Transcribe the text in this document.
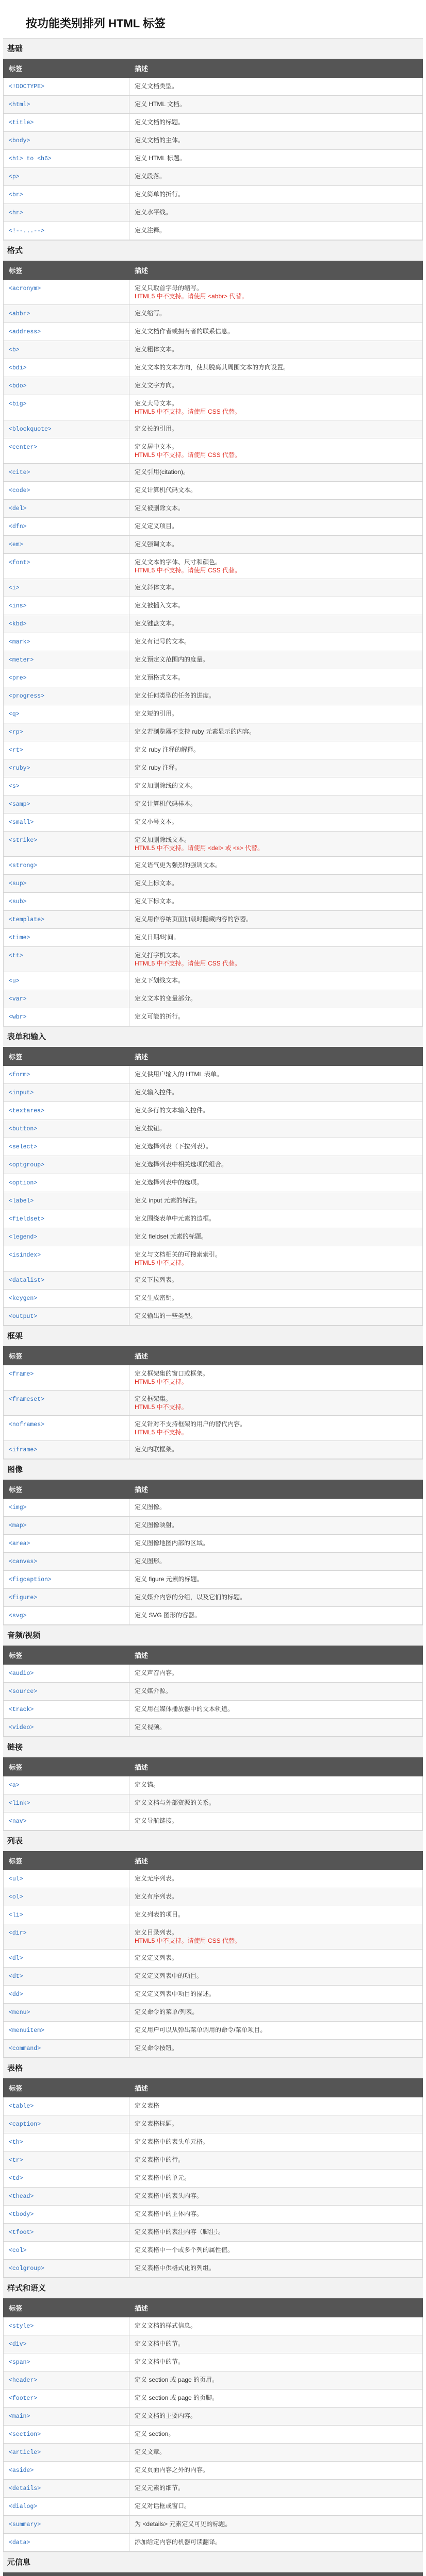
按功能类别排列 HTML 标签
基础
标签	描述
<!DOCTYPE>	定义文档类型。
<html>	定义 HTML 文档。
<title>	定义文档的标题。
<body>	定义文档的主体。
<h1> to <h6>	定义 HTML 标题。
<p>	定义段落。
<br>	定义简单的折行。
<hr>	定义水平线。
<!--...-->	定义注释。
格式
标签	描述
<acronym>	定义只取首字母的缩写。
HTML5 中不支持。请使用 <abbr> 代替。

<abbr>	定义缩写。
<address>	定义文档作者或拥有者的联系信息。
<b>	定义粗体文本。
<bdi>	定义文本的文本方向，使其脱离其周围文本的方向设置。
<bdo>	定义文字方向。
<big>	定义大号文本。
HTML5 中不支持。请使用 CSS 代替。

<blockquote>	定义长的引用。
<center>	定义居中文本。
HTML5 中不支持。请使用 CSS 代替。

<cite>	定义引用(citation)。
<code>	定义计算机代码文本。
<del>	定义被删除文本。
<dfn>	定义定义项目。
<em>	定义强调文本。
<font>	定义文本的字体、尺寸和颜色。
HTML5 中不支持。请使用 CSS 代替。

<i>	定义斜体文本。
<ins>	定义被插入文本。
<kbd>	定义键盘文本。
<mark>	定义有记号的文本。
<meter>	定义预定义范围内的度量。
<pre>	定义预格式文本。
<progress>	定义任何类型的任务的进度。
<q>	定义短的引用。
<rp>	定义若浏览器不支持 ruby 元素显示的内容。
<rt>	定义 ruby 注释的解释。
<ruby>	定义 ruby 注释。
<s>	定义加删除线的文本。
<samp>	定义计算机代码样本。
<small>	定义小号文本。
<strike>	定义加删除线文本。
HTML5 中不支持。请使用 <del> 或 <s> 代替。

<strong>	定义语气更为强烈的强调文本。
<sup>	定义上标文本。
<sub>	定义下标文本。
<template>	定义用作容纳页面加载时隐藏内容的容器。
<time>	定义日期/时间。
<tt>	定义打字机文本。
HTML5 中不支持。请使用 CSS 代替。

<u>	定义下划线文本。
<var>	定义文本的变量部分。
<wbr>	定义可能的折行。
表单和输入
标签	描述
<form>	定义供用户输入的 HTML 表单。
<input>	定义输入控件。
<textarea>	定义多行的文本输入控件。
<button>	定义按钮。
<select>	定义选择列表（下拉列表）。
<optgroup>	定义选择列表中相关选项的组合。
<option>	定义选择列表中的选项。
<label>	定义 input 元素的标注。
<fieldset>	定义围绕表单中元素的边框。
<legend>	定义 fieldset 元素的标题。
<isindex>	定义与文档相关的可搜索索引。
HTML5 中不支持。

<datalist>	定义下拉列表。
<keygen>	定义生成密钥。
<output>	定义输出的一些类型。
框架
标签	描述
<frame>	定义框架集的窗口或框架。
HTML5 中不支持。

<frameset>	定义框架集。
HTML5 中不支持。

<noframes>	定义针对不支持框架的用户的替代内容。
HTML5 中不支持。

<iframe>	定义内联框架。
图像
标签	描述
<img>	定义图像。
<map>	定义图像映射。
<area>	定义图像地图内部的区域。
<canvas>	定义图形。
<figcaption>	定义 figure 元素的标题。
<figure>	定义媒介内容的分组，以及它们的标题。
<svg>	定义 SVG 图形的容器。
音频/视频
标签	描述
<audio>	定义声音内容。
<source>	定义媒介源。
<track>	定义用在媒体播放器中的文本轨道。
<video>	定义视频。
链接
标签	描述
<a>	定义锚。
<link>	定义文档与外部资源的关系。
<nav>	定义导航链接。
列表
标签	描述
<ul>	定义无序列表。
<ol>	定义有序列表。
<li>	定义列表的项目。
<dir>	定义目录列表。
HTML5 中不支持。请使用 CSS 代替。

<dl>	定义定义列表。
<dt>	定义定义列表中的项目。
<dd>	定义定义列表中项目的描述。
<menu>	定义命令的菜单/列表。
<menuitem>	定义用户可以从弹出菜单调用的命令/菜单项目。
<command>	定义命令按钮。
表格
标签	描述
<table>	定义表格
<caption>	定义表格标题。
<th>	定义表格中的表头单元格。
<tr>	定义表格中的行。
<td>	定义表格中的单元。
<thead>	定义表格中的表头内容。
<tbody>	定义表格中的主体内容。
<tfoot>	定义表格中的表注内容（脚注）。
<col>	定义表格中一个或多个列的属性值。
<colgroup>	定义表格中供格式化的列组。
样式和语义
标签	描述
<style>	定义文档的样式信息。
<div>	定义文档中的节。
<span>	定义文档中的节。
<header>	定义 section 或 page 的页眉。
<footer>	定义 section 或 page 的页脚。
<main>	定义文档的主要内容。
<section>	定义 section。
<article>	定义文章。
<aside>	定义页面内容之外的内容。
<details>	定义元素的细节。
<dialog>	定义对话框或窗口。
<summary>	为 <details> 元素定义可见的标题。
<data>	添加给定内容的机器可读翻译。
元信息
